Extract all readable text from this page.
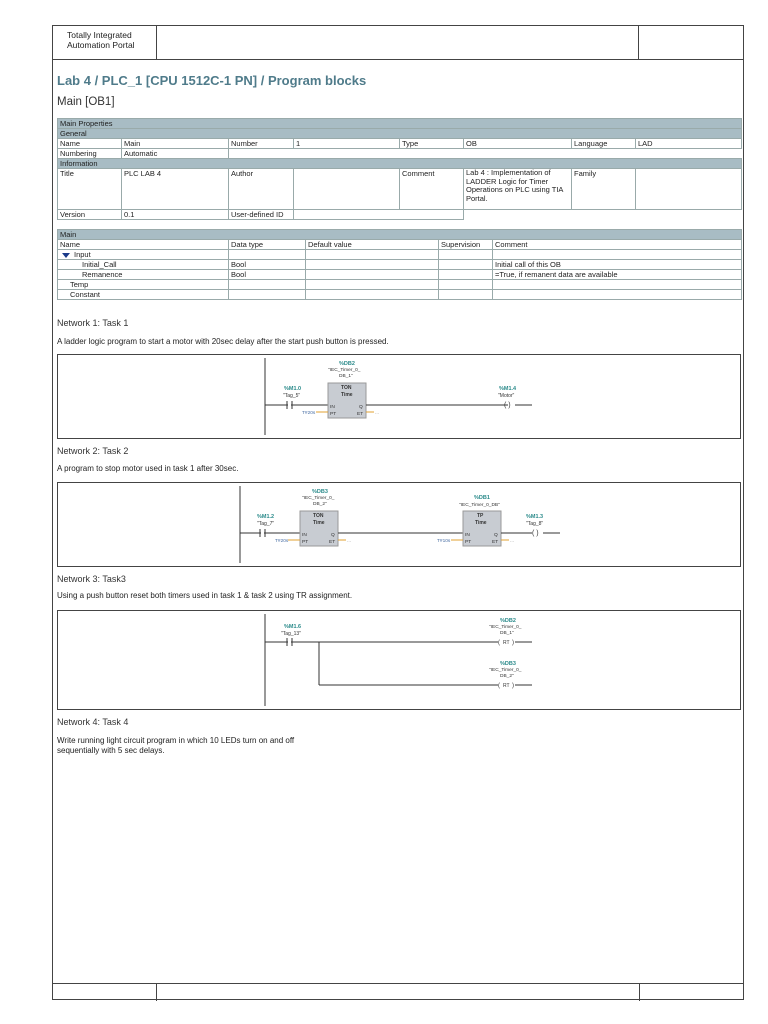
Totally Integrated
Automation Portal
Lab 4 / PLC_1 [CPU 1512C-1 PN] / Program blocks
Main [OB1]
Main Properties							
General							
Name	Main	Number	1	Type	OB	Language	LAD
Numbering	Automatic						
Information							
Title	PLC LAB 4	Author		Comment	Lab 4 : Implementation of LADDER Logic for Timer Operations on PLC using TIA Portal.	Family	
Version	0.1	User-defined ID					
Main				
Name	Data type	Default value	Supervision	Comment
Input				
Initial_Call	Bool			Initial call of this OB
Remanence	Bool			=True, if remanent data are available
Temp				
Constant				
Network 1: Task 1
A ladder logic program to start a motor with 20sec delay after the start push button is pressed.
%M1.0
"Tag_5"
%DB2
"IEC_Timer_0_
DB_1"
TON
Time
IN	Q
PT	ET
T#20s	...
%M1.4
"Motor"
( )
Network 2: Task 2
A program to stop motor used in task 1 after 30sec.
%M1.2
"Tag_7"
%DB3
"IEC_Timer_0_
DB_2"
TON
Time
IN	Q
PT	ET
T#20s	...
%DB1
"IEC_Timer_0_DB"
TP
Time
IN	Q
PT	ET
T#10s	...
%M1.3
"Tag_8"
( )
Network 3: Task3
Using a push button reset both timers used in task 1 & task 2 using TR assignment.
%M1.6
"Tag_13"
%DB2
"IEC_Timer_0_
DB_1"
( RT )
%DB3
"IEC_Timer_0_
DB_2"
( RT )
Network 4: Task 4
Write running light circuit program in which 10 LEDs turn on and off
sequentially with 5 sec delays.
